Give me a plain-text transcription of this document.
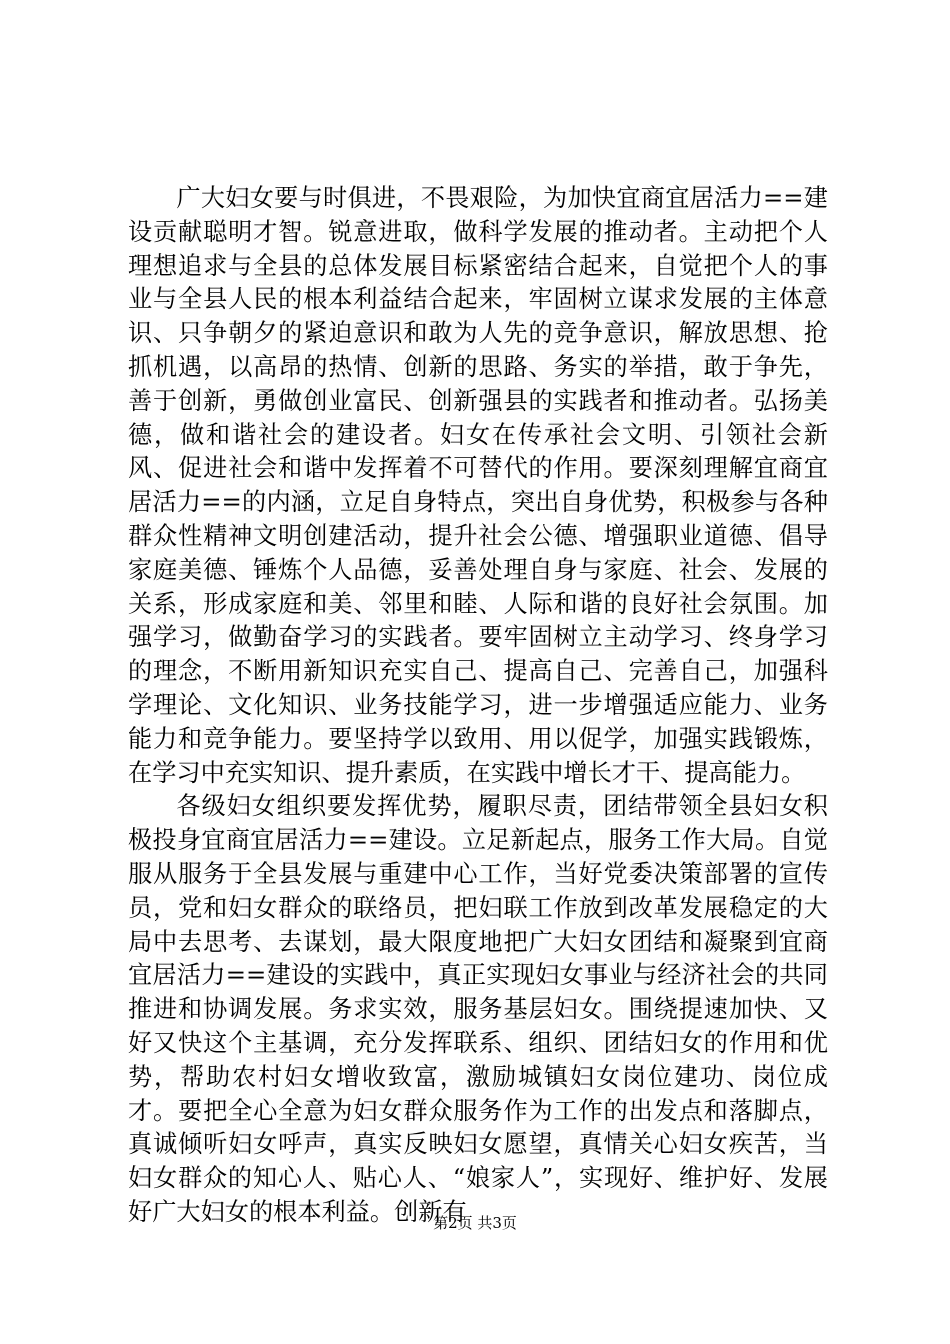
广大妇女要与时俱进，不畏艰险，为加快宜商宜居活力==建设贡献聪明才智。锐意进取，做科学发展的推动者。主动把个人理想追求与全县的总体发展目标紧密结合起来，自觉把个人的事业与全县人民的根本利益结合起来，牢固树立谋求发展的主体意识、只争朝夕的紧迫意识和敢为人先的竞争意识，解放思想、抢抓机遇，以高昂的热情、创新的思路、务实的举措，敢于争先，善于创新，勇做创业富民、创新强县的实践者和推动者。弘扬美德，做和谐社会的建设者。妇女在传承社会文明、引领社会新风、促进社会和谐中发挥着不可替代的作用。要深刻理解宜商宜居活力==的内涵，立足自身特点，突出自身优势，积极参与各种群众性精神文明创建活动，提升社会公德、增强职业道德、倡导家庭美德、锤炼个人品德，妥善处理自身与家庭、社会、发展的关系，形成家庭和美、邻里和睦、人际和谐的良好社会氛围。加强学习，做勤奋学习的实践者。要牢固树立主动学习、终身学习的理念，不断用新知识充实自己、提高自己、完善自己，加强科学理论、文化知识、业务技能学习，进一步增强适应能力、业务能力和竞争能力。要坚持学以致用、用以促学，加强实践锻炼，在学习中充实知识、提升素质，在实践中增长才干、提高能力。

各级妇女组织要发挥优势，履职尽责，团结带领全县妇女积极投身宜商宜居活力==建设。立足新起点，服务工作大局。自觉服从服务于全县发展与重建中心工作，当好党委决策部署的宣传员，党和妇女群众的联络员，把妇联工作放到改革发展稳定的大局中去思考、去谋划，最大限度地把广大妇女团结和凝聚到宜商宜居活力==建设的实践中，真正实现妇女事业与经济社会的共同推进和协调发展。务求实效，服务基层妇女。围绕提速加快、又好又快这个主基调，充分发挥联系、组织、团结妇女的作用和优势，帮助农村妇女增收致富，激励城镇妇女岗位建功、岗位成才。要把全心全意为妇女群众服务作为工作的出发点和落脚点，真诚倾听妇女呼声，真实反映妇女愿望，真情关心妇女疾苦，当妇女群众的知心人、贴心人、“娘家人”，实现好、维护好、发展好广大妇女的根本利益。创新有

第2页 共3页
